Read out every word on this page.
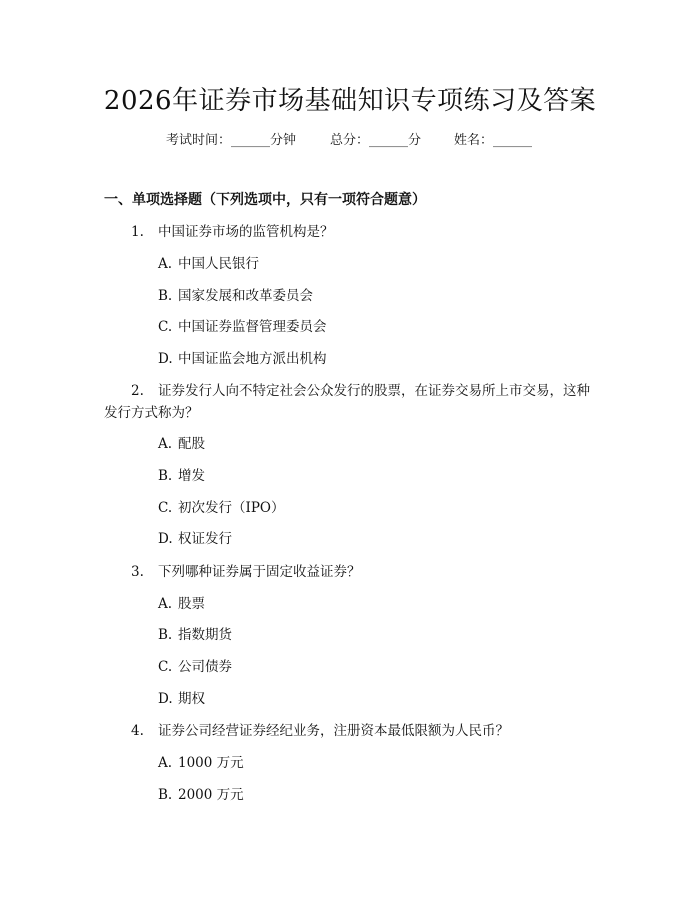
2026年证券市场基础知识专项练习及答案
考试时间：______分钟	总分：______分	姓名：______
一、单项选择题（下列选项中，只有一项符合题意）
1. 中国证券市场的监管机构是？
A. 中国人民银行
B. 国家发展和改革委员会
C. 中国证券监督管理委员会
D. 中国证监会地方派出机构
2. 证券发行人向不特定社会公众发行的股票，在证券交易所上市交易，这种
发行方式称为？
A. 配股
B. 增发
C. 初次发行（IPO）
D. 权证发行
3. 下列哪种证券属于固定收益证券？
A. 股票
B. 指数期货
C. 公司债券
D. 期权
4. 证券公司经营证券经纪业务，注册资本最低限额为人民币？
A. 1000 万元
B. 2000 万元
